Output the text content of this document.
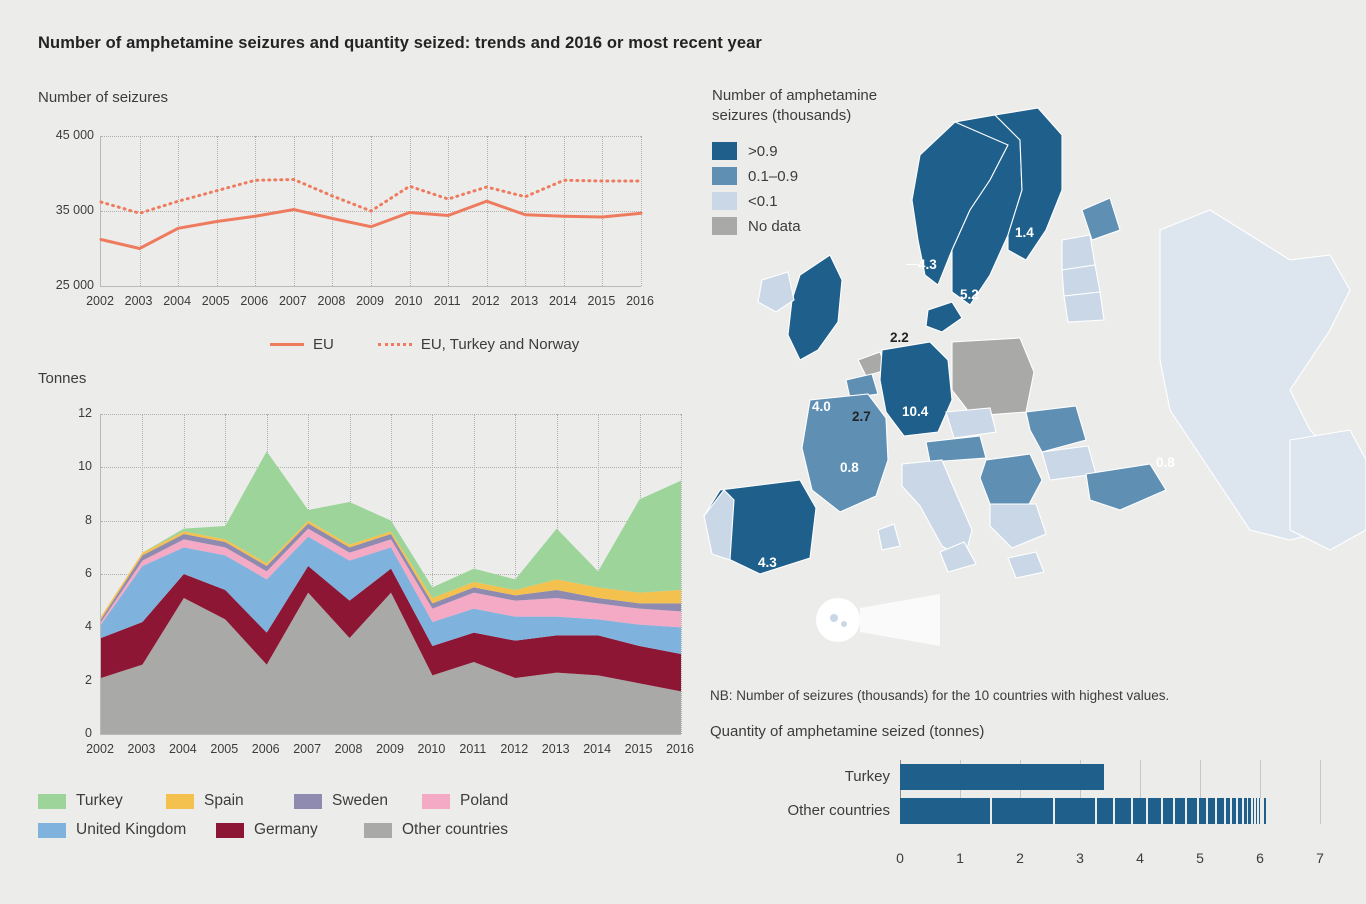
Number of amphetamine seizures and quantity seized: trends and 2016 or most recent year
Number of seizures
25 000
35 000
45 000
2002 2003 2004 2005 2006 2007 2008 2009 2010 2011 2012 2013 2014 2015 2016
EU	EU, Turkey and Norway
Tonnes
0
2
4
6
8
10
12
2002	2003	2004	2005	2006	2007	2008	2009	2010	2011	2012	2013	2014	2015	2016
Turkey	Spain	Sweden	Poland
United Kingdom	Germany	Other countries
Number of amphetamine
seizures (thousands)
>0.9
0.1–0.9
<0.1
No data	1.4
5.2
4.3
2.2
4.0
2.7 10.4
0.8	0.8
4.3
NB: Number of seizures (thousands) for the 10 countries with highest values.
Quantity of amphetamine seized (tonnes)
0	1	2	3	4	5	6	7
Turkey
Other countries
